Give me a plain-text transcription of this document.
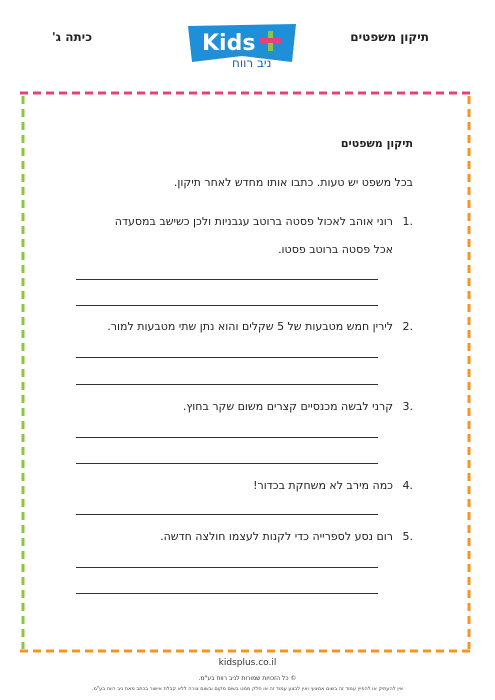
תיקון משפטים
כיתה ג'	Kids
ניב רווח
תיקון משפטים
בכל משפט יש טעות. כתבו אותו מחדש לאחר תיקון.
.1
רוני אוהב לאכול פסטה ברוטב עגבניות ולכן כשישב במסעדה
אכל פסטה ברוטב פסטו.
.2
לירין חמש מטבעות של 5 שקלים והוא נתן שתי מטבעות למור.
.3
קרני לבשה מכנסיים קצרים משום שקר בחוץ.
.4
כמה מירב לא משחקת בכדור!
.5
רום נסע לספרייה כדי לקנות לעצמו חולצה חדשה.
kidsplus.co.il
© כל הזכויות שמורות לניב רווח בע"מ.
אין להעתיק או להפיץ עמוד זה בשום אמצעי ואין לבצע עמוד זה או חלק ממנו בשום מקום ובשום צורה ללא קבלת אישור בכתב מאת ניב רווח בע"מ.
